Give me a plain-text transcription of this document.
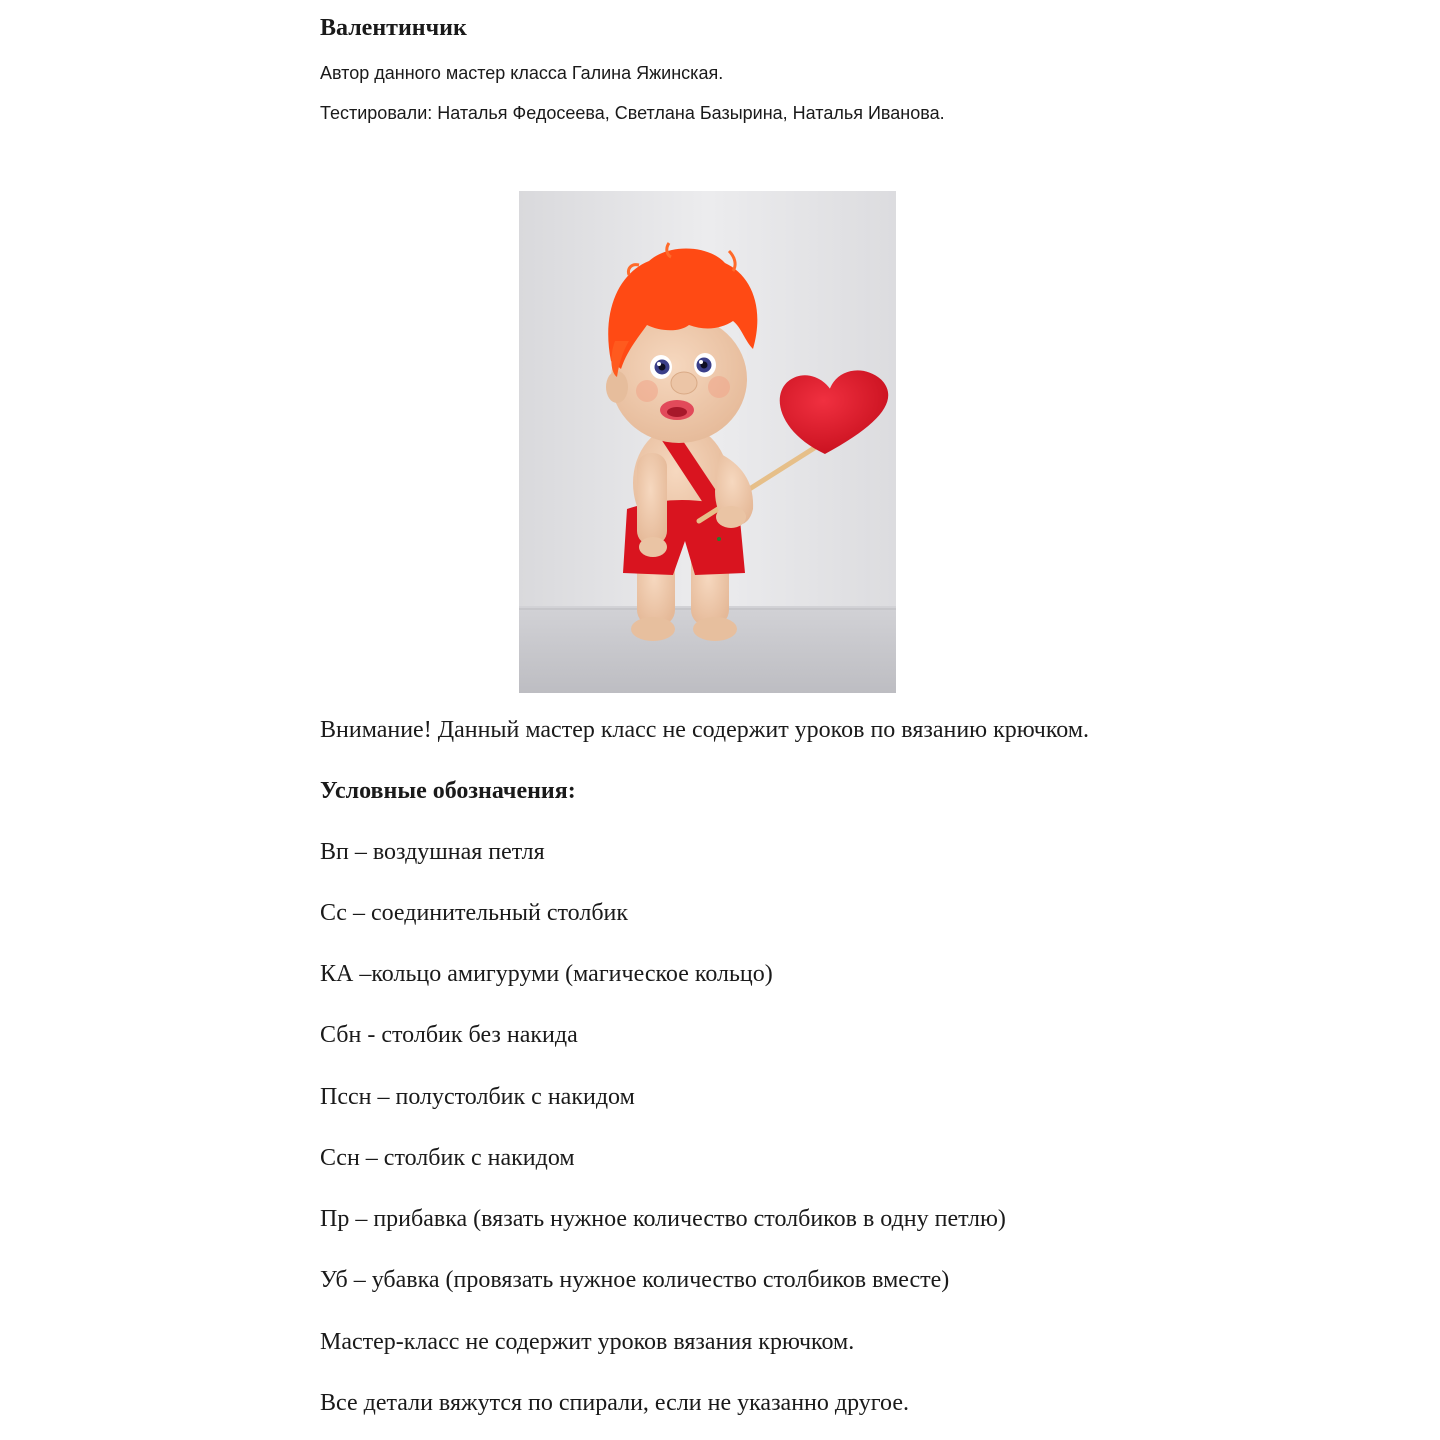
Валентинчик
Автор данного мастер класса Галина Яжинская.
Тестировали: Наталья Федосеева, Светлана Базырина, Наталья Иванова.
Внимание! Данный мастер класс не содержит уроков по вязанию крючком.
Условные обозначения:
Вп – воздушная петля
Сс – соединительный столбик
КА –кольцо амигуруми (магическое кольцо)
Сбн - столбик без накида
Пссн – полустолбик с накидом
Ссн – столбик с накидом
Пр – прибавка (вязать нужное количество столбиков в одну петлю)
Уб – убавка (провязать нужное количество столбиков вместе)
Мастер-класс не содержит уроков вязания крючком.
Все детали вяжутся по спирали, если не указанно другое.
